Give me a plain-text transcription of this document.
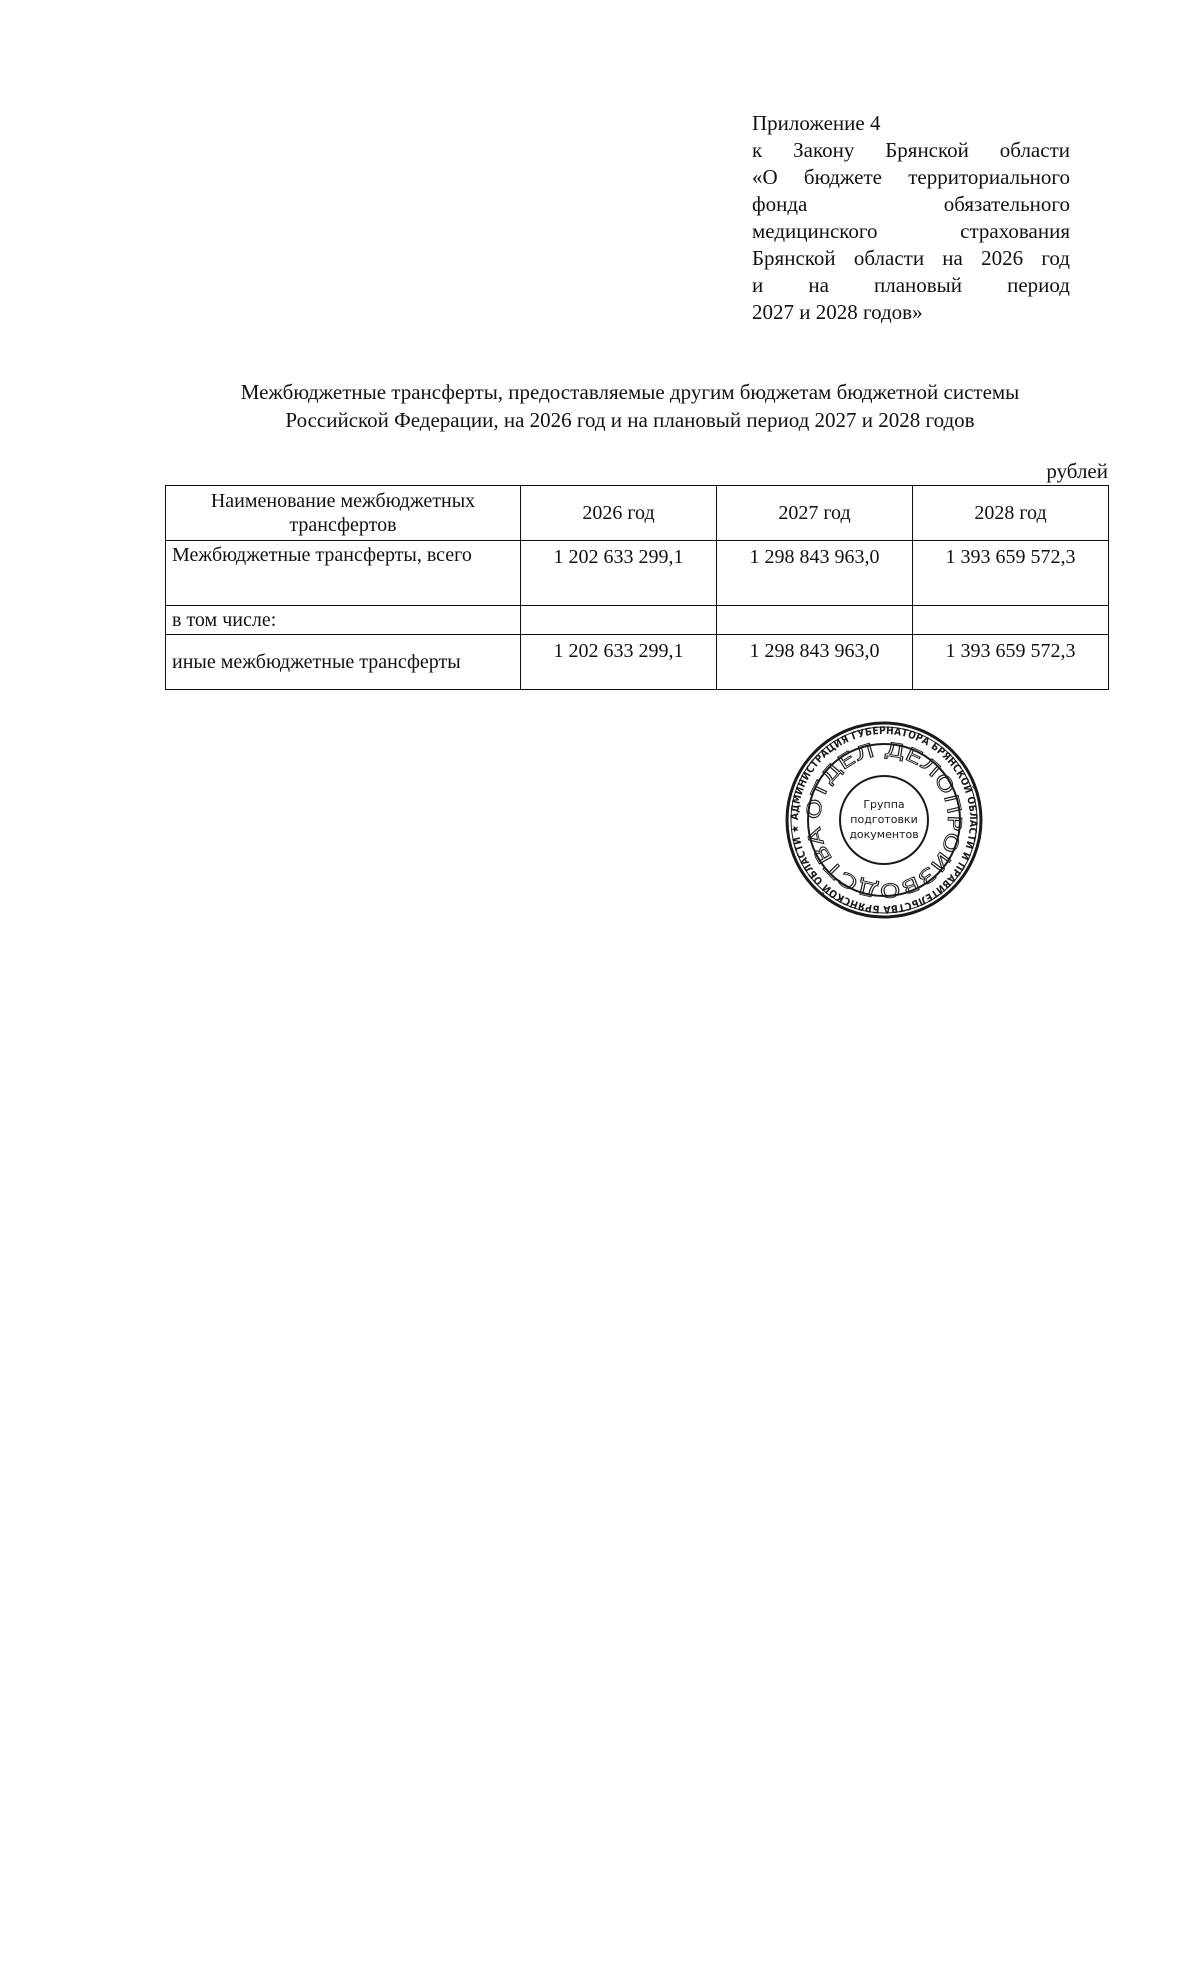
Приложение 4
к Закону Брянской области
«О бюджете территориального
фонда обязательного
медицинского страхования
Брянской области на 2026 год
и на плановый период
2027 и 2028 годов»
Межбюджетные трансферты, предоставляемые другим бюджетам бюджетной системы
Российской Федерации, на 2026 год и на плановый период 2027 и 2028 годов
рублей
Наименование межбюджетных трансфертов	2026 год	2027 год	2028 год
Межбюджетные трансферты, всего	1 202 633 299,1	1 298 843 963,0	1 393 659 572,3
в том числе:			
иные межбюджетные трансферты	1 202 633 299,1	1 298 843 963,0	1 393 659 572,3
АДМИНИСТРАЦИЯ ГУБЕРНАТОРА БРЯНСКОЙ ОБЛАСТИ И ПРАВИТЕЛЬСТВА БРЯНСКОЙ ОБЛАСТИ ★
ОТДЕЛ ДЕЛОПРОИЗВОДСТВА
Группа
подготовки
документов
